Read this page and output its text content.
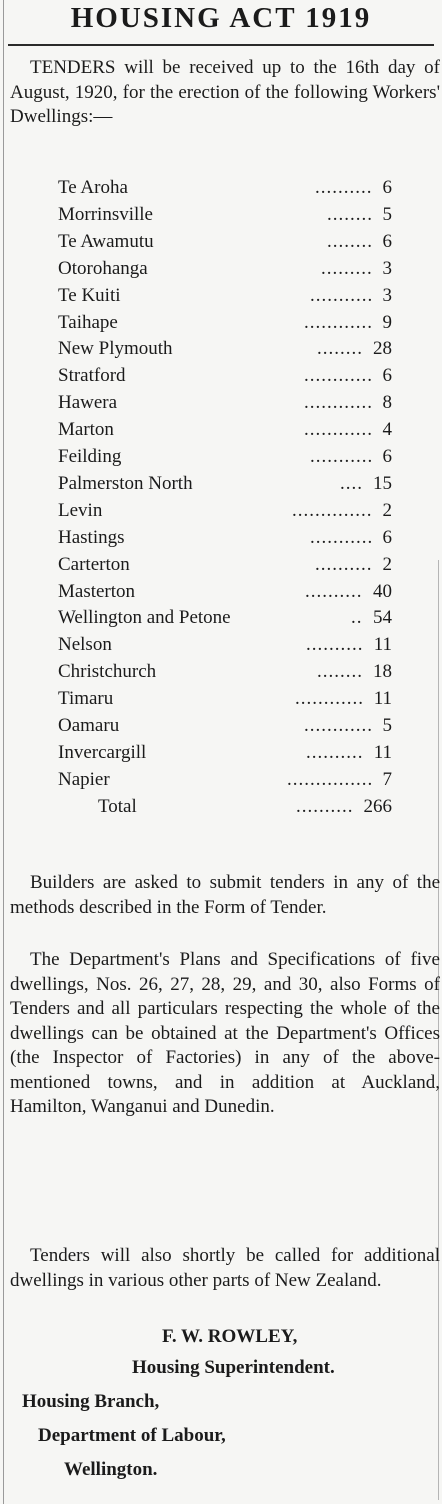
HOUSING ACT 1919

TENDERS will be received up to the 16th day of August, 1920, for the erection of the following Workers' Dwellings:—

Te Aroha	.......... 6
Morrinsville	........ 5
Te Awamutu	........ 6
Otorohanga	......... 3
Te Kuiti	........... 3
Taihape	............ 9
New Plymouth	........ 28
Stratford	............ 6
Hawera	............ 8
Marton	............ 4
Feilding	........... 6
Palmerston North	.... 15
Levin	.............. 2
Hastings	........... 6
Carterton	.......... 2
Masterton	.......... 40
Wellington and Petone	.. 54
Nelson	.......... 11
Christchurch	........ 18
Timaru	............ 11
Oamaru	............ 5
Invercargill	.......... 11
Napier	............... 7
Total	.......... 266

Builders are asked to submit tenders in any of the methods described in the Form of Tender.

The Department's Plans and Specifications of five dwellings, Nos. 26, 27, 28, 29, and 30, also Forms of Tenders and all particulars respecting the whole of the dwellings can be obtained at the Department's Offices (the Inspector of Factories) in any of the above-mentioned towns, and in addition at Auckland, Hamilton, Wanganui and Dunedin.

Tenders will also shortly be called for additional dwellings in various other parts of New Zealand.

F. W. ROWLEY,
Housing Superintendent.
Housing Branch,
Department of Labour,
Wellington.
